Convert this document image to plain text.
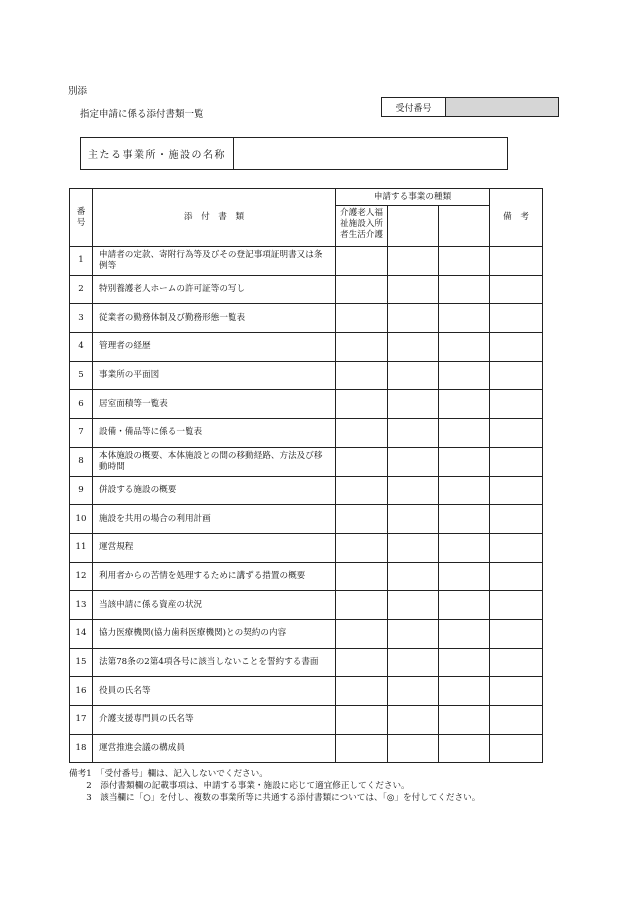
別添
指定申請に係る添付書類一覧
受付番号
主たる事業所・施設の名称
番
号	添　付　書　類	申請する事業の種類			備　考
		介護老人福祉施設入所者生活介護			
1	申請者の定款、寄附行為等及びその登記事項証明書又は条例等				
2	特別養護老人ホームの許可証等の写し				
3	従業者の勤務体制及び勤務形態一覧表				
4	管理者の経歴				
5	事業所の平面図				
6	居室面積等一覧表				
7	設備・備品等に係る一覧表				
8	本体施設の概要、本体施設との間の移動経路、方法及び移動時間				
9	併設する施設の概要				
10	施設を共用の場合の利用計画				
11	運営規程				
12	利用者からの苦情を処理するために講ずる措置の概要				
13	当該申請に係る資産の状況				
14	協力医療機関(協力歯科医療機関)との契約の内容				
15	法第78条の2第4項各号に該当しないことを誓約する書面				
16	役員の氏名等				
17	介護支援専門員の氏名等				
18	運営推進会議の構成員				
備考1　「受付番号」欄は、記入しないでください。
　　2　添付書類欄の記載事項は、申請する事業・施設に応じて適宜修正してください。
　　3　該当欄に「○」を付し、複数の事業所等に共通する添付書類については、「◎」を付してください。
